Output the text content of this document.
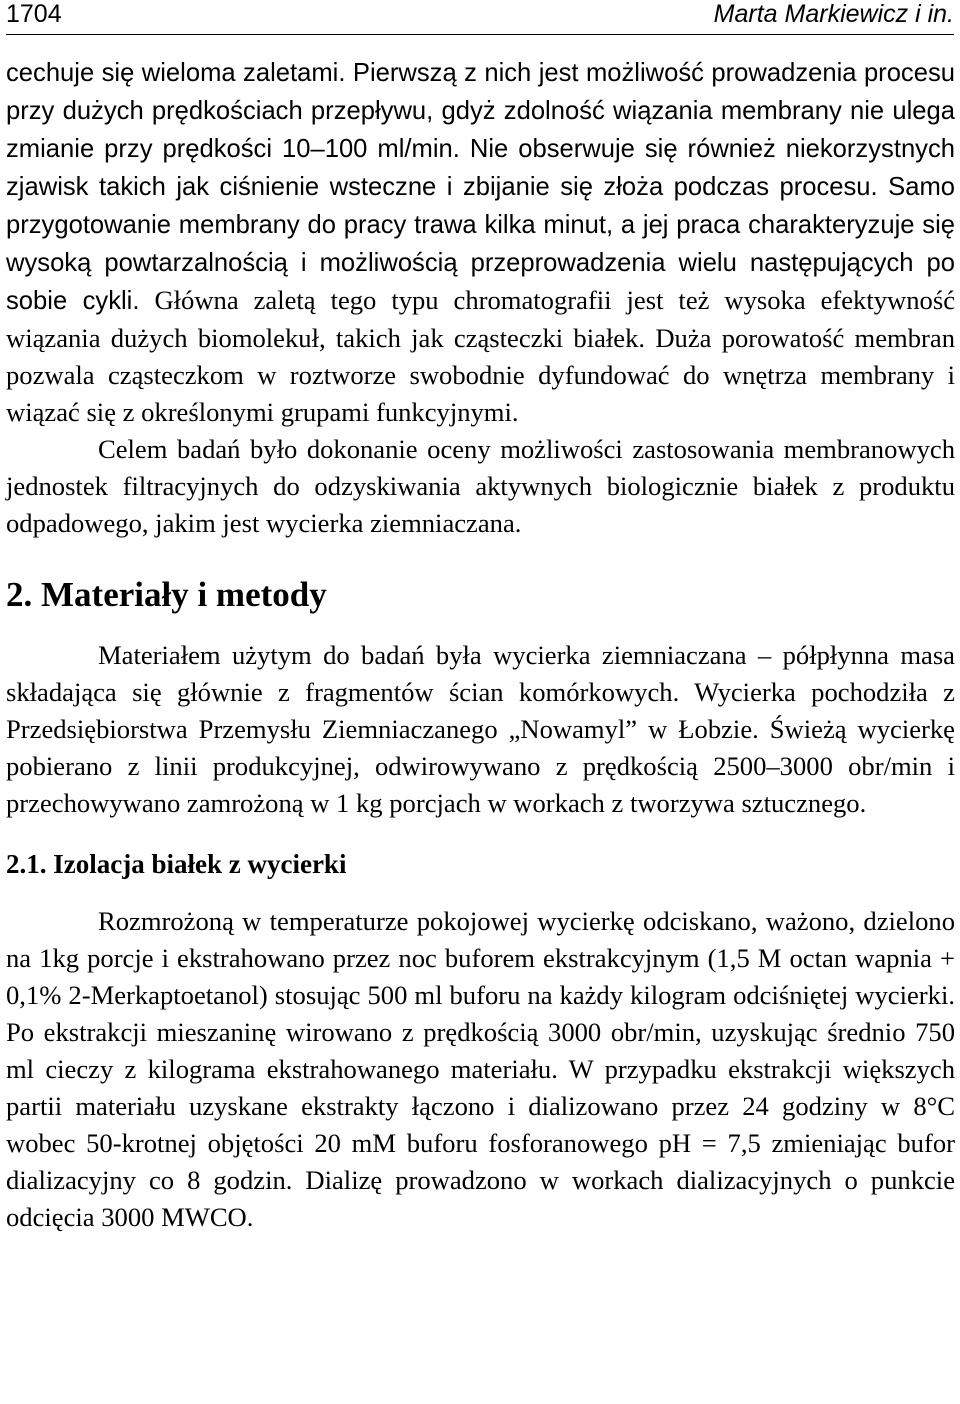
1704	Marta Markiewicz i in.

cechuje się wieloma zaletami. Pierwszą z nich jest możliwość prowadzenia procesu przy dużych prędkościach przepływu, gdyż zdolność wiązania membrany nie ulega zmianie przy prędkości 10–100 ml/min. Nie obserwuje się również niekorzystnych zjawisk takich jak ciśnienie wsteczne i zbijanie się złoża podczas procesu. Samo przygotowanie membrany do pracy trawa kilka minut, a jej praca charakteryzuje się wysoką powtarzalnością i możliwością przeprowadzenia wielu następujących po sobie cykli. Główna zaletą tego typu chromatografii jest też wysoka efektywność wiązania dużych biomolekuł, takich jak cząsteczki białek. Duża porowatość membran pozwala cząsteczkom w roztworze swobodnie dyfundować do wnętrza membrany i wiązać się z określonymi grupami funkcyjnymi.

Celem badań było dokonanie oceny możliwości zastosowania membranowych jednostek filtracyjnych do odzyskiwania aktywnych biologicznie białek z produktu odpadowego, jakim jest wycierka ziemniaczana.

2. Materiały i metody

Materiałem użytym do badań była wycierka ziemniaczana – półpłynna masa składająca się głównie z fragmentów ścian komórkowych. Wycierka pochodziła z Przedsiębiorstwa Przemysłu Ziemniaczanego „Nowamyl” w Łobzie. Świeżą wycierkę pobierano z linii produkcyjnej, odwirowywano z prędkością 2500–3000 obr/min i przechowywano zamrożoną w 1 kg porcjach w workach z tworzywa sztucznego.

2.1. Izolacja białek z wycierki

Rozmrożoną w temperaturze pokojowej wycierkę odciskano, ważono, dzielono na 1kg porcje i ekstrahowano przez noc buforem ekstrakcyjnym (1,5 M octan wapnia + 0,1% 2-Merkaptoetanol) stosując 500 ml buforu na każdy kilogram odciśniętej wycierki. Po ekstrakcji mieszaninę wirowano z prędkością 3000 obr/min, uzyskując średnio 750 ml cieczy z kilograma ekstrahowanego materiału. W przypadku ekstrakcji większych partii materiału uzyskane ekstrakty łączono i dializowano przez 24 godziny w 8°C wobec 50-krotnej objętości 20 mM buforu fosforanowego pH = 7,5 zmieniając bufor dializacyjny co 8 godzin. Dializę prowadzono w workach dializacyjnych o punkcie odcięcia 3000 MWCO.
